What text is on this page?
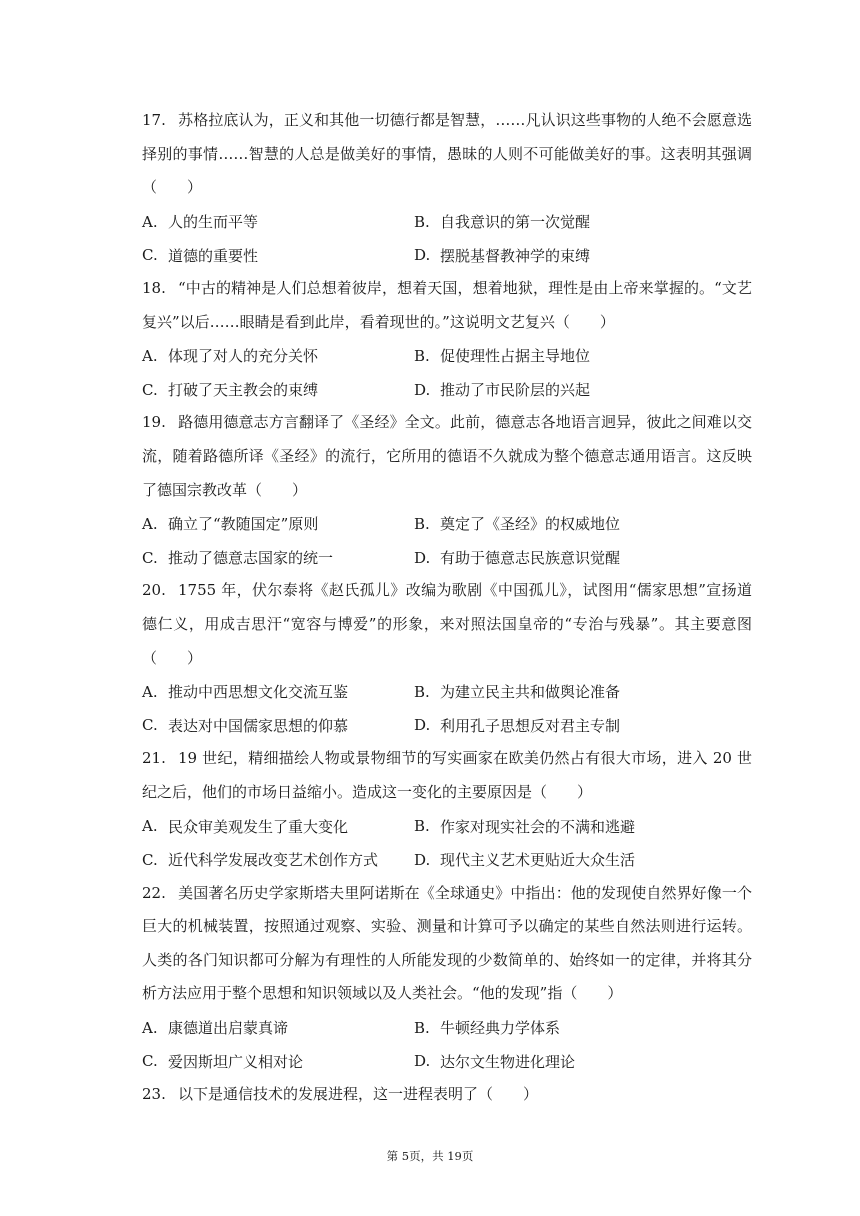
17. 苏格拉底认为，正义和其他一切德行都是智慧，……凡认识这些事物的人绝不会愿意选择别的事情……智慧的人总是做美好的事情，愚昧的人则不可能做美好的事。这表明其强调（　　）

A. 人的生而平等	B. 自我意识的第一次觉醒
C. 道德的重要性	D. 摆脱基督教神学的束缚

18. “中古的精神是人们总想着彼岸，想着天国，想着地狱，理性是由上帝来掌握的。“文艺复兴”以后……眼睛是看到此岸，看着现世的。”这说明文艺复兴（　　）

A. 体现了对人的充分关怀	B. 促使理性占据主导地位
C. 打破了天主教会的束缚	D. 推动了市民阶层的兴起

19. 路德用德意志方言翻译了《圣经》全文。此前，德意志各地语言迥异，彼此之间难以交流，随着路德所译《圣经》的流行，它所用的德语不久就成为整个德意志通用语言。这反映了德国宗教改革（　　）

A. 确立了“教随国定”原则	B. 奠定了《圣经》的权威地位
C. 推动了德意志国家的统一	D. 有助于德意志民族意识觉醒

20. 1755 年，伏尔泰将《赵氏孤儿》改编为歌剧《中国孤儿》，试图用“儒家思想”宣扬道德仁义，用成吉思汗“宽容与博爱”的形象，来对照法国皇帝的“专治与残暴”。其主要意图（　　）

A. 推动中西思想文化交流互鉴	B. 为建立民主共和做舆论准备
C. 表达对中国儒家思想的仰慕	D. 利用孔子思想反对君主专制

21. 19 世纪，精细描绘人物或景物细节的写实画家在欧美仍然占有很大市场，进入 20 世纪之后，他们的市场日益缩小。造成这一变化的主要原因是（　　）

A. 民众审美观发生了重大变化	B. 作家对现实社会的不满和逃避
C. 近代科学发展改变艺术创作方式 D. 现代主义艺术更贴近大众生活

22. 美国著名历史学家斯塔夫里阿诺斯在《全球通史》中指出：他的发现使自然界好像一个巨大的机械装置，按照通过观察、实验、测量和计算可予以确定的某些自然法则进行运转。人类的各门知识都可分解为有理性的人所能发现的少数简单的、始终如一的定律，并将其分析方法应用于整个思想和知识领域以及人类社会。“他的发现”指（　　）

A. 康德道出启蒙真谛	B. 牛顿经典力学体系
C. 爱因斯坦广义相对论	D. 达尔文生物进化理论

23. 以下是通信技术的发展进程，这一进程表明了（　　）

第 5页，共 19页
